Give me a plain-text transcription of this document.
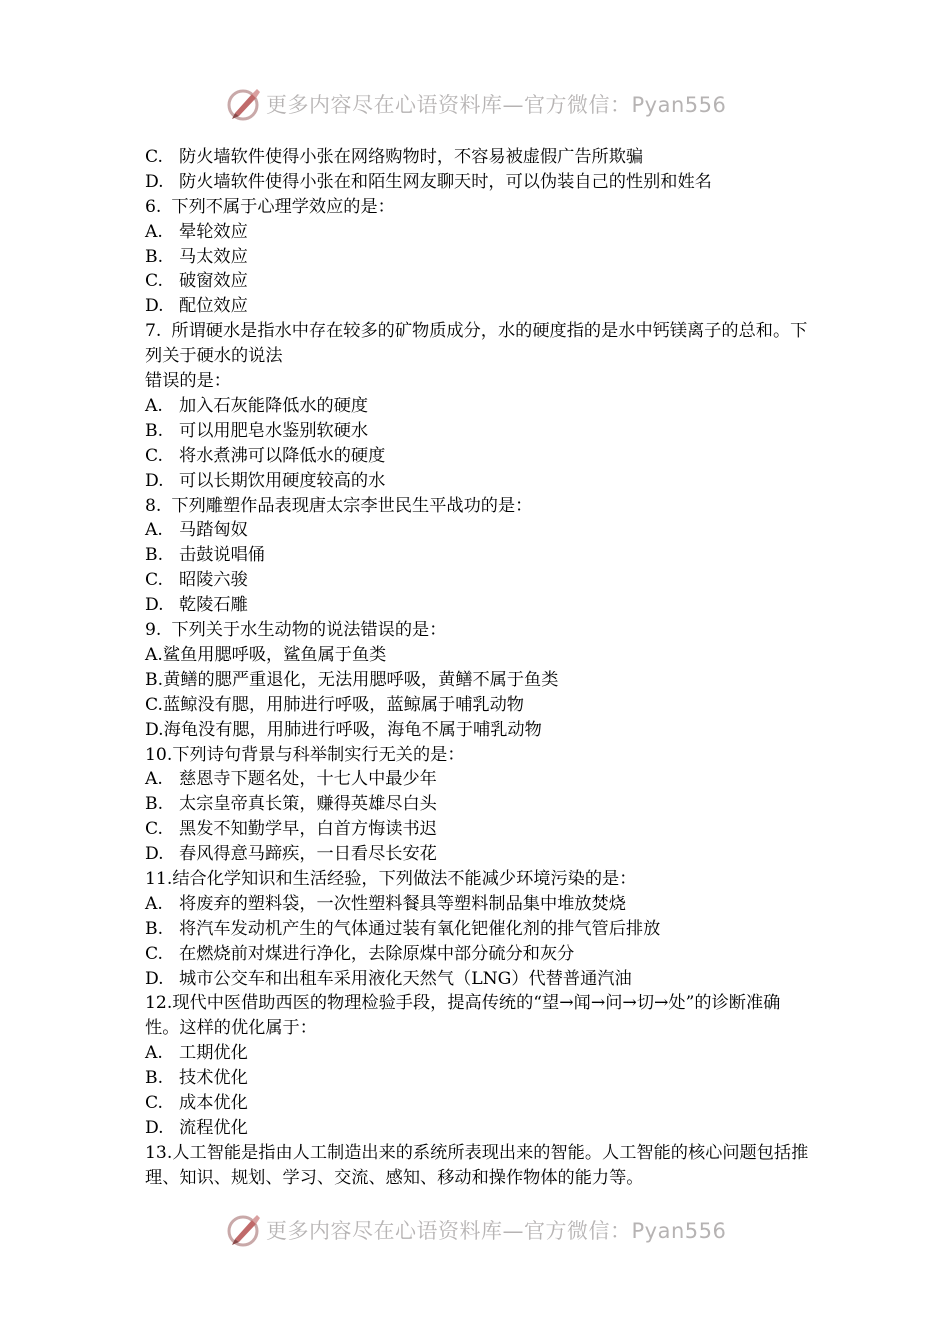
更多内容尽在心语资料库—官方微信：Pyan556
C. 防火墙软件使得小张在网络购物时，不容易被虚假广告所欺骗
D. 防火墙软件使得小张在和陌生网友聊天时，可以伪装自己的性别和姓名
6. 下列不属于心理学效应的是：
A. 晕轮效应
B. 马太效应
C. 破窗效应
D. 配位效应
7. 所谓硬水是指水中存在较多的矿物质成分，水的硬度指的是水中钙镁离子的总和。下列关于硬水的说法
错误的是：
A. 加入石灰能降低水的硬度
B. 可以用肥皂水鉴别软硬水
C. 将水煮沸可以降低水的硬度
D. 可以长期饮用硬度较高的水
8. 下列雕塑作品表现唐太宗李世民生平战功的是：
A. 马踏匈奴
B. 击鼓说唱俑
C. 昭陵六骏
D. 乾陵石雕
9. 下列关于水生动物的说法错误的是：
A.鲨鱼用腮呼吸，鲨鱼属于鱼类
B.黄鳝的腮严重退化，无法用腮呼吸，黄鳝不属于鱼类
C.蓝鲸没有腮，用肺进行呼吸，蓝鲸属于哺乳动物
D.海龟没有腮，用肺进行呼吸，海龟不属于哺乳动物
10.下列诗句背景与科举制实行无关的是：
A. 慈恩寺下题名处，十七人中最少年
B. 太宗皇帝真长策，赚得英雄尽白头
C. 黑发不知勤学早，白首方悔读书迟
D. 春风得意马蹄疾，一日看尽长安花
11.结合化学知识和生活经验，下列做法不能减少环境污染的是：
A. 将废弃的塑料袋，一次性塑料餐具等塑料制品集中堆放焚烧
B. 将汽车发动机产生的气体通过装有氧化钯催化剂的排气管后排放
C. 在燃烧前对煤进行净化，去除原煤中部分硫分和灰分
D. 城市公交车和出租车采用液化天然气（LNG）代替普通汽油
12.现代中医借助西医的物理检验手段，提高传统的“望→闻→问→切→处”的诊断准确性。这样的优化属于：
A. 工期优化
B. 技术优化
C. 成本优化
D. 流程优化
13.人工智能是指由人工制造出来的系统所表现出来的智能。人工智能的核心问题包括推理、知识、规划、学习、交流、感知、移动和操作物体的能力等。
更多内容尽在心语资料库—官方微信：Pyan556
